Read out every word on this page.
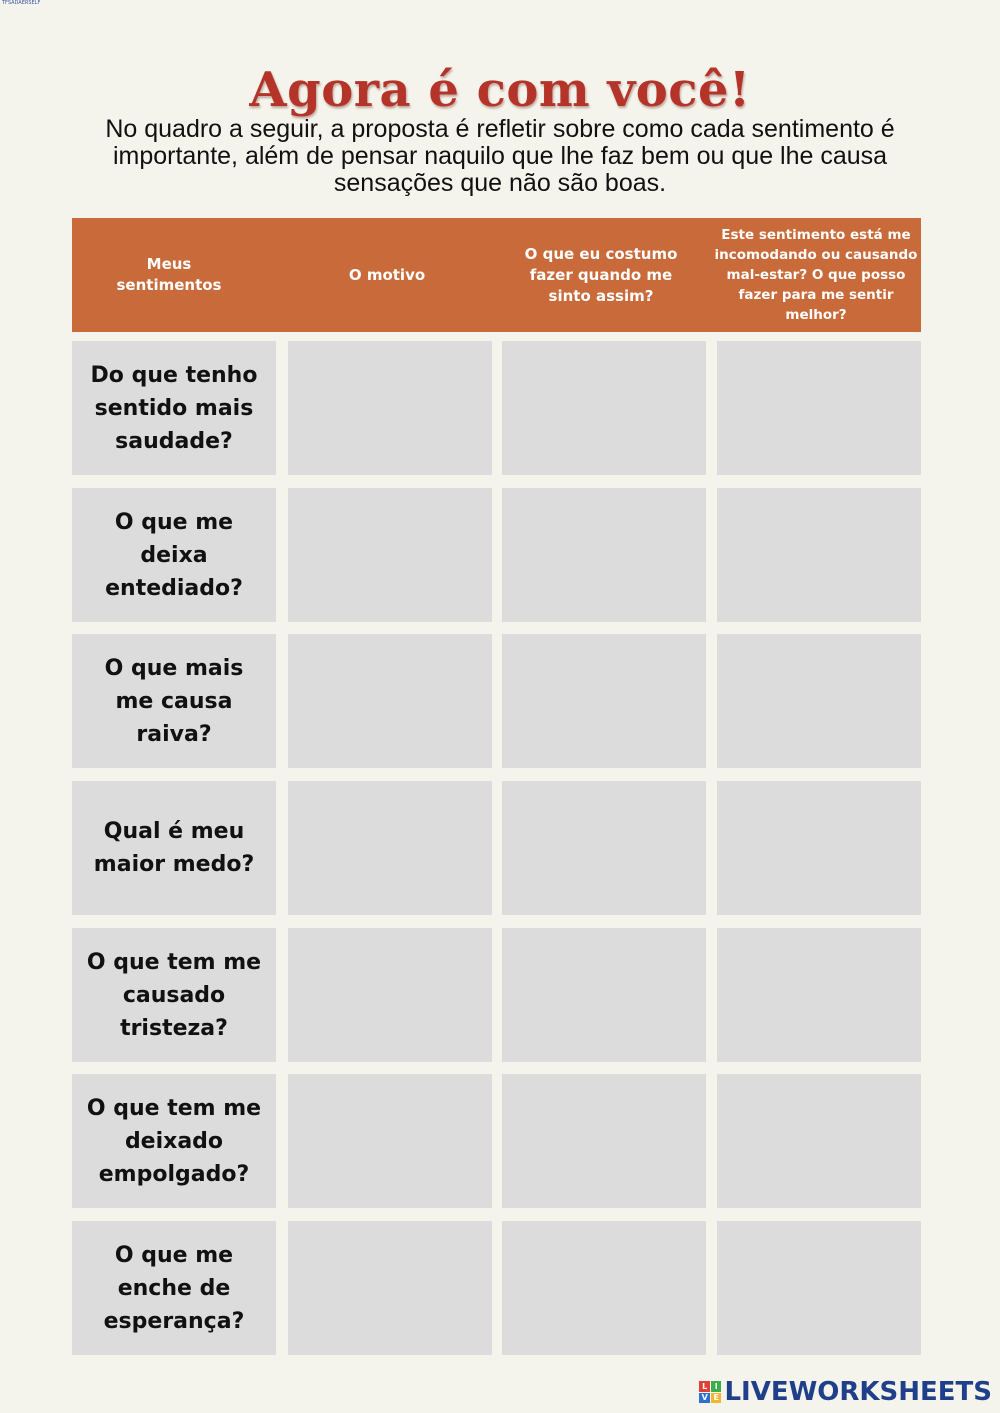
TFSADAERSELF
Agora é com você!
No quadro a seguir, a proposta é refletir sobre como cada sentimento é importante, além de pensar naquilo que lhe faz bem ou que lhe causa sensações que não são boas.
Meus sentimentos
O motivo
O que eu costumo fazer quando me sinto assim?
Este sentimento está me incomodando ou causando mal-estar? O que posso fazer para me sentir melhor?
Do que tenho sentido mais saudade?
O que me deixa entediado?
O que mais me causa raiva?
Qual é meu maior medo?
O que tem me causado tristeza?
O que tem me deixado empolgado?
O que me enche de esperança?
L I
V E LIVEWORKSHEETS
